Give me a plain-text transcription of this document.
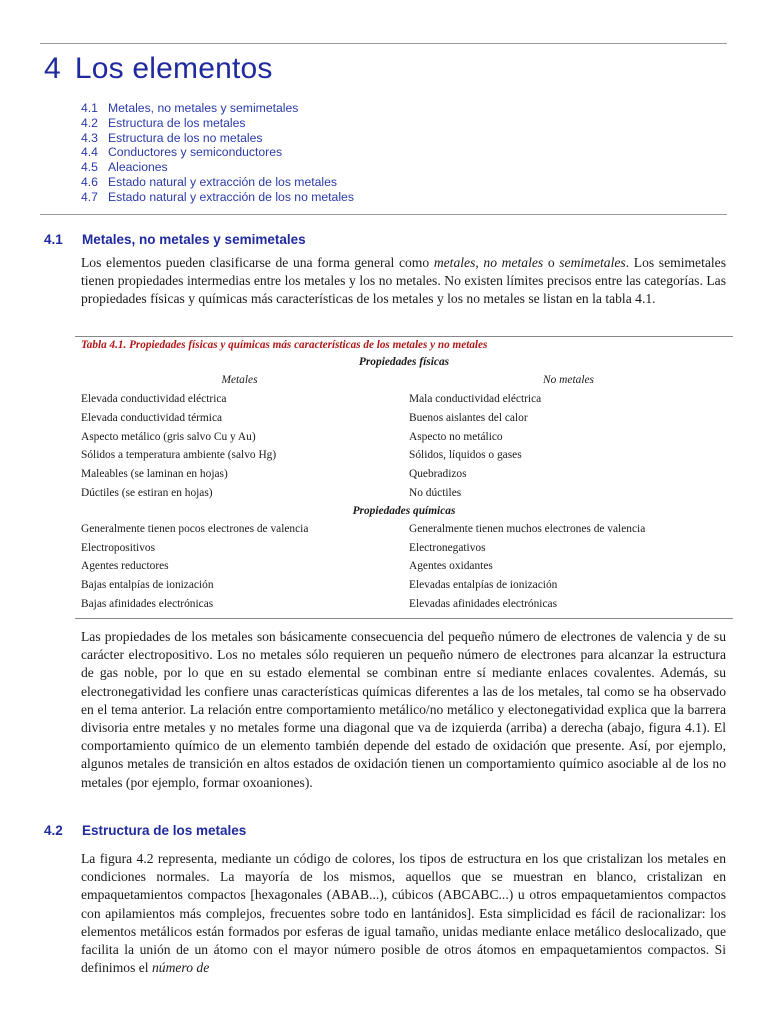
4 Los elementos
4.1 Metales, no metales y semimetales
4.2 Estructura de los metales
4.3 Estructura de los no metales
4.4 Conductores y semiconductores
4.5 Aleaciones
4.6 Estado natural y extracción de los metales
4.7 Estado natural y extracción de los no metales
4.1 Metales, no metales y semimetales

Los elementos pueden clasificarse de una forma general como metales, no metales o semimetales. Los semimetales tienen propiedades intermedias entre los metales y los no metales. No existen límites precisos entre las categorías. Las propiedades físicas y químicas más características de los metales y los no metales se listan en la tabla 4.1.

Tabla 4.1. Propiedades físicas y químicas más características de los metales y no metales
Propiedades físicas
Metales	No metales
Elevada conductividad eléctrica	Mala conductividad eléctrica
Elevada conductividad térmica	Buenos aislantes del calor
Aspecto metálico (gris salvo Cu y Au)	Aspecto no metálico
Sólidos a temperatura ambiente (salvo Hg)	Sólidos, líquidos o gases
Maleables (se laminan en hojas)	Quebradizos
Dúctiles (se estiran en hojas)	No dúctiles
Propiedades químicas
Generalmente tienen pocos electrones de valencia	Generalmente tienen muchos electrones de valencia
Electropositivos	Electronegativos
Agentes reductores	Agentes oxidantes
Bajas entalpías de ionización	Elevadas entalpías de ionización
Bajas afinidades electrónicas	Elevadas afinidades electrónicas

Las propiedades de los metales son básicamente consecuencia del pequeño número de electrones de valencia y de su carácter electropositivo. Los no metales sólo requieren un pequeño número de electrones para alcanzar la estructura de gas noble, por lo que en su estado elemental se combinan entre sí mediante enlaces covalentes. Además, su electronegatividad les confiere unas características químicas diferentes a las de los metales, tal como se ha observado en el tema anterior. La relación entre comportamiento metálico/no metálico y electonegatividad explica que la barrera divisoria entre metales y no metales forme una diagonal que va de izquierda (arriba) a derecha (abajo, figura 4.1). El comportamiento químico de un elemento también depende del estado de oxidación que presente. Así, por ejemplo, algunos metales de transición en altos estados de oxidación tienen un comportamiento químico asociable al de los no metales (por ejemplo, formar oxoaniones).

4.2 Estructura de los metales

La figura 4.2 representa, mediante un código de colores, los tipos de estructura en los que cristalizan los metales en condiciones normales. La mayoría de los mismos, aquellos que se muestran en blanco, cristalizan en empaquetamientos compactos [hexagonales (ABAB...), cúbicos (ABCABC...) u otros empaquetamientos compactos con apilamientos más complejos, frecuentes sobre todo en lantánidos]. Esta simplicidad es fácil de racionalizar: los elementos metálicos están formados por esferas de igual tamaño, unidas mediante enlace metálico deslocalizado, que facilita la unión de un átomo con el mayor número posible de otros átomos en empaquetamientos compactos. Si definimos el número de
